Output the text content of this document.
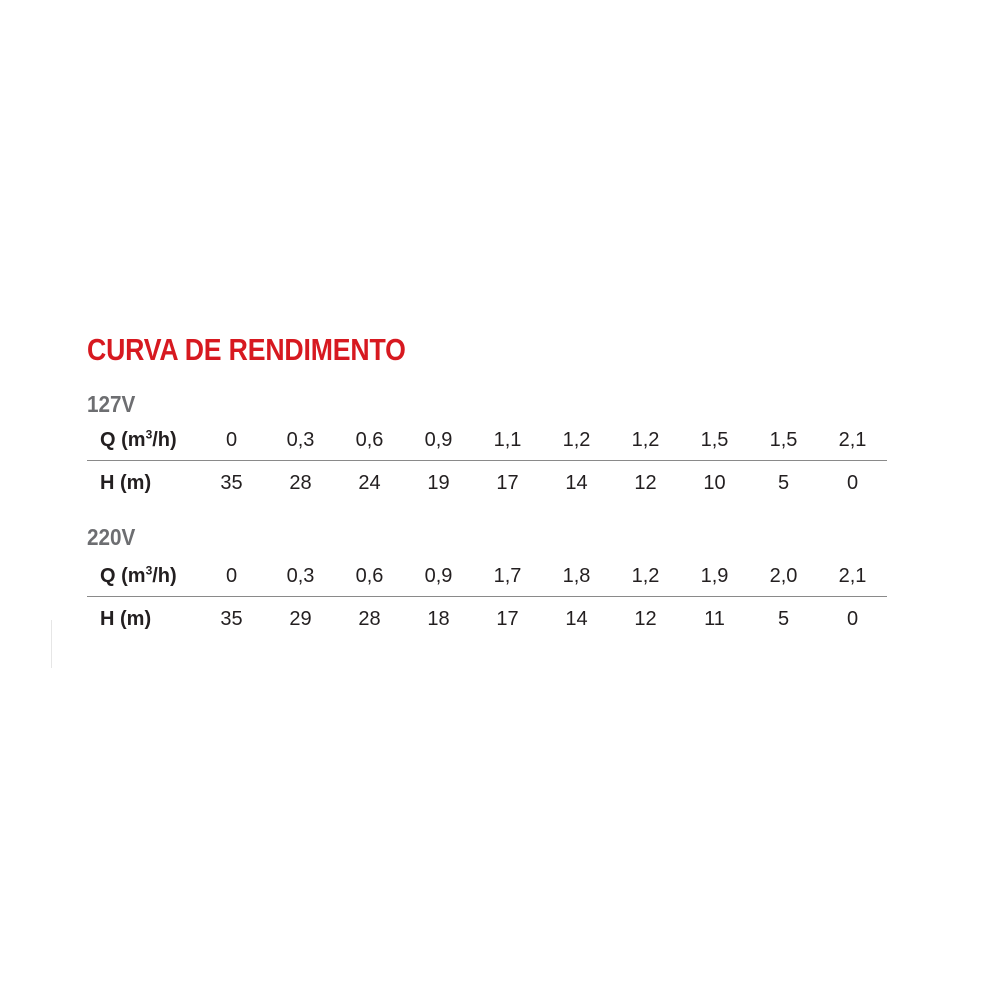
CURVA DE RENDIMENTO
127V
Q $(m^3/h)$	0	0,3	0,6	0,9	1,1	1,2	1,2	1,5	1,5	2,1
H (m)	35	28	24	19	17	14	12	10	5	0
220V
Q $(m^3/h)$	0	0,3	0,6	0,9	1,7	1,8	1,2	1,9	2,0	2,1
H (m)	35	29	28	18	17	14	12	11	5	0
